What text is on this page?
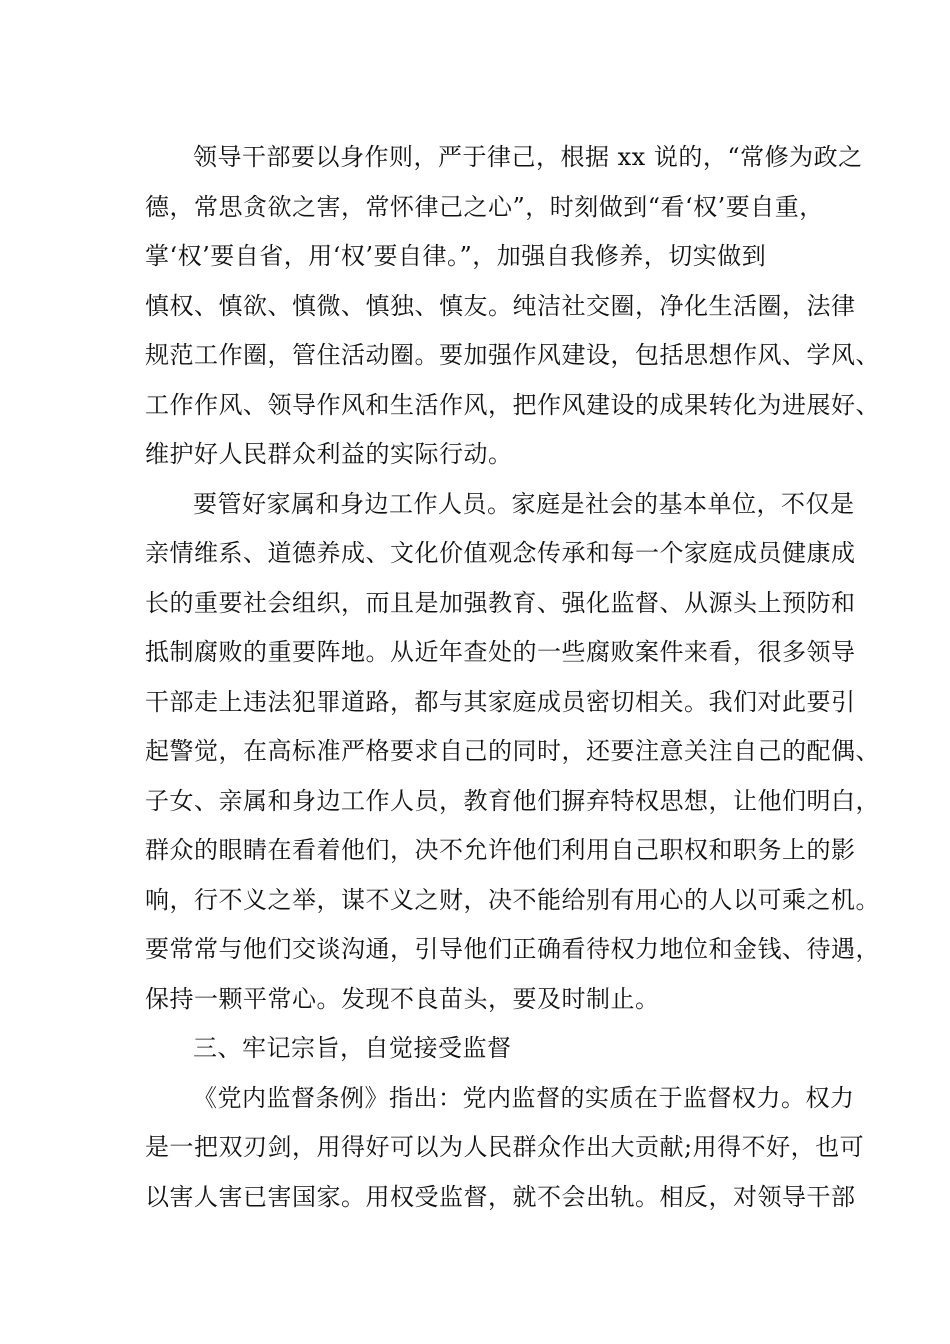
领导干部要以身作则，严于律己，根据 xx 说的，“常修为政之
德，常思贪欲之害，常怀律己之心”，时刻做到“看‘权’要自重，
掌‘权’要自省，用‘权’要自律。”，加强自我修养，切实做到
慎权、慎欲、慎微、慎独、慎友。纯洁社交圈，净化生活圈，法律
规范工作圈，管住活动圈。要加强作风建设，包括思想作风、学风、
工作作风、领导作风和生活作风，把作风建设的成果转化为进展好、
维护好人民群众利益的实际行动。

要管好家属和身边工作人员。家庭是社会的基本单位，不仅是
亲情维系、道德养成、文化价值观念传承和每一个家庭成员健康成
长的重要社会组织，而且是加强教育、强化监督、从源头上预防和
抵制腐败的重要阵地。从近年查处的一些腐败案件来看，很多领导
干部走上违法犯罪道路，都与其家庭成员密切相关。我们对此要引
起警觉，在高标准严格要求自己的同时，还要注意关注自己的配偶、
子女、亲属和身边工作人员，教育他们摒弃特权思想，让他们明白，
群众的眼睛在看着他们，决不允许他们利用自己职权和职务上的影
响，行不义之举，谋不义之财，决不能给别有用心的人以可乘之机。
要常常与他们交谈沟通，引导他们正确看待权力地位和金钱、待遇，
保持一颗平常心。发现不良苗头，要及时制止。

三、牢记宗旨，自觉接受监督

《党内监督条例》指出：党内监督的实质在于监督权力。权力
是一把双刃剑，用得好可以为人民群众作出大贡献;用得不好，也可
以害人害已害国家。用权受监督，就不会出轨。相反，对领导干部
